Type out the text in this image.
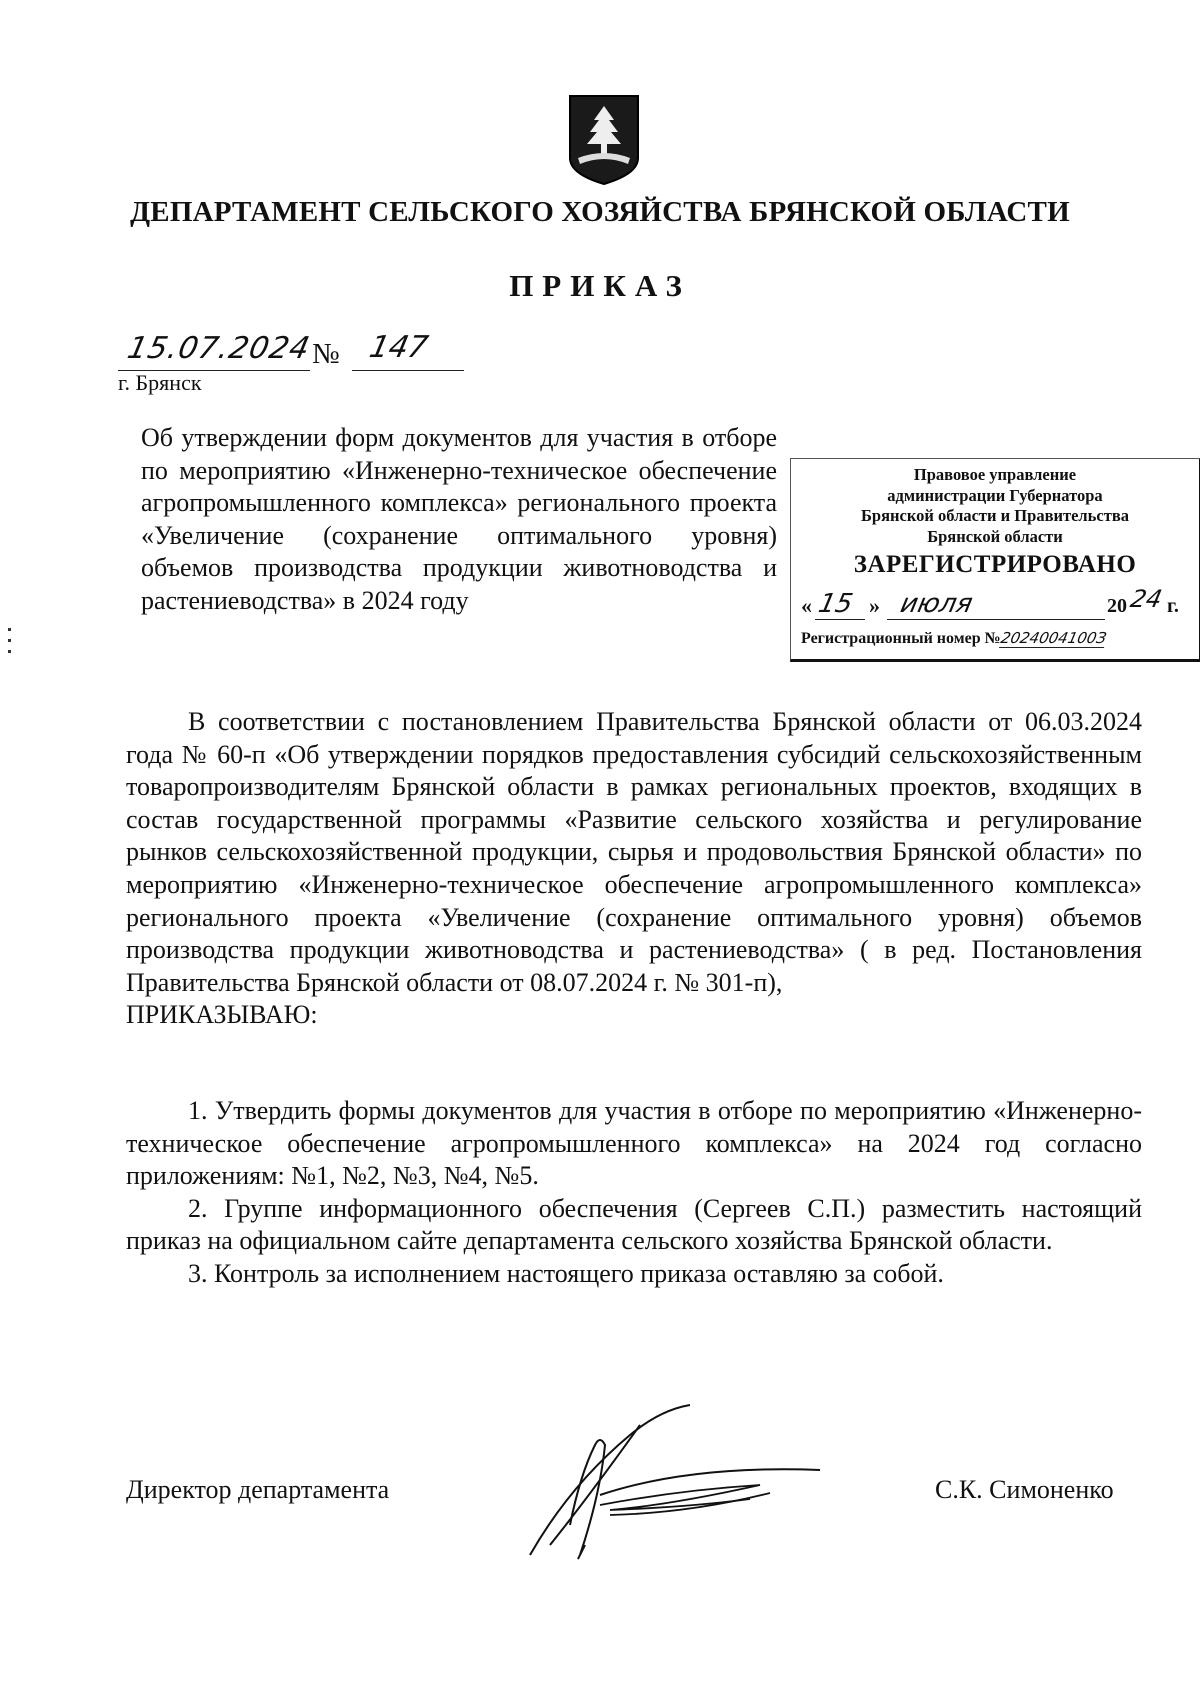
ДЕПАРТАМЕНТ СЕЛЬСКОГО ХОЗЯЙСТВА БРЯНСКОЙ ОБЛАСТИ
ПРИКАЗ
15.07.2024
№ 147
г. Брянск
Об утверждении форм документов для участия в отборе по мероприятию «Инженерно-техническое обеспечение агропромышленного комплекса» регионального проекта «Увеличение (сохранение оптимального уровня) объемов производства продукции животноводства и растениеводства» в 2024 году
Правовое управление
администрации Губернатора
Брянской области и Правительства
Брянской области
ЗАРЕГИСТРИРОВАНО
« 15 » июля	20 24 г.
Регистрационный номер №2024004100З

В соответствии с постановлением Правительства Брянской области от 06.03.2024 года № 60-п «Об утверждении порядков предоставления субсидий сельскохозяйственным товаропроизводителям Брянской области в рамках региональных проектов, входящих в состав государственной программы «Развитие сельского хозяйства и регулирование рынков сельскохозяйственной продукции, сырья и продовольствия Брянской области» по мероприятию «Инженерно-техническое обеспечение агропромышленного комплекса» регионального проекта «Увеличение (сохранение оптимального уровня) объемов производства продукции животноводства и растениеводства» ( в ред. Постановления Правительства Брянской области от 08.07.2024 г. № 301-п),

ПРИКАЗЫВАЮ:

1. Утвердить формы документов для участия в отборе по мероприятию «Инженерно-техническое обеспечение агропромышленного комплекса» на 2024 год согласно приложениям: №1, №2, №3, №4, №5.

2. Группе информационного обеспечения (Сергеев С.П.) разместить настоящий приказ на официальном сайте департамента сельского хозяйства Брянской области.

3. Контроль за исполнением настоящего приказа оставляю за собой.

Директор департамента	С.К. Симоненко
